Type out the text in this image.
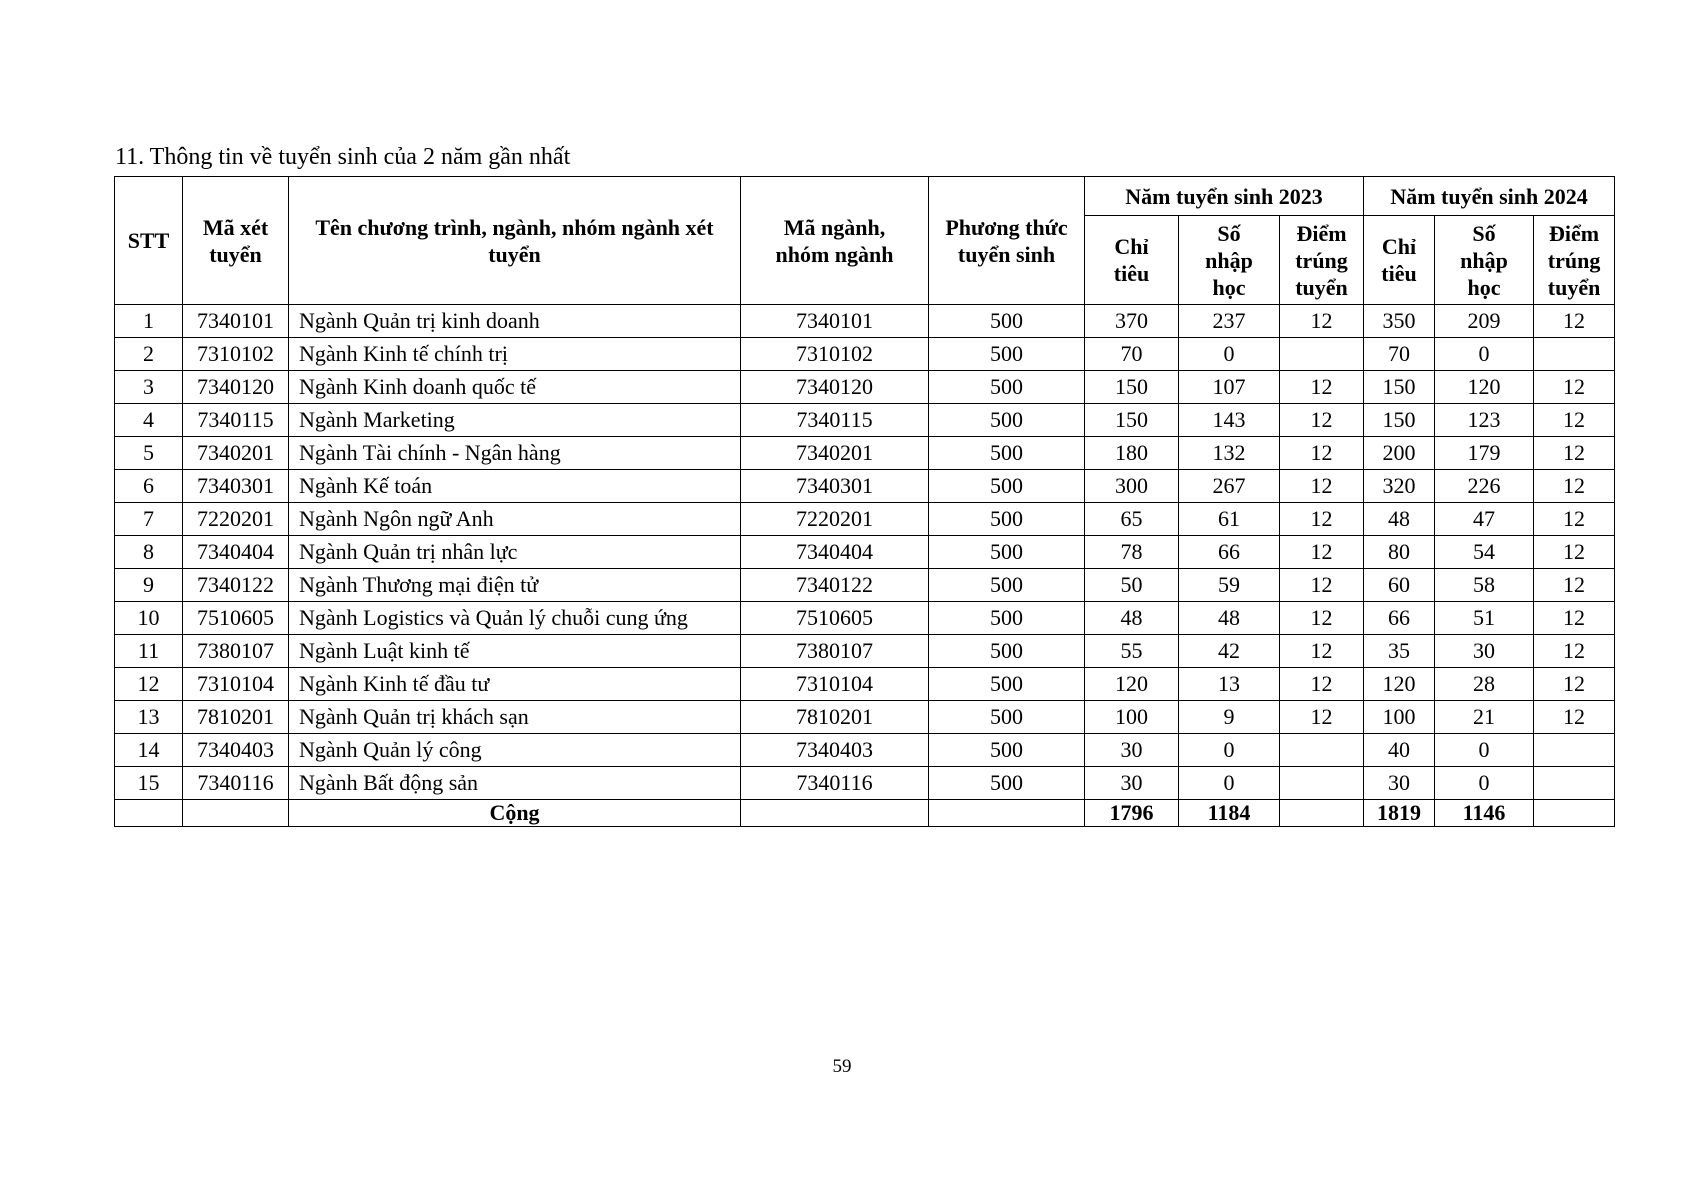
11. Thông tin về tuyển sinh của 2 năm gần nhất
STT	Mã xét tuyển	Tên chương trình, ngành, nhóm ngành xét tuyển	Mã ngành, nhóm ngành	Phương thức tuyển sinh	Năm tuyển sinh 2023			Năm tuyển sinh 2024		
					Chỉ tiêu	Số nhập học	Điểm trúng tuyển	Chỉ tiêu	Số nhập học	Điểm trúng tuyển
1	7340101	Ngành Quản trị kinh doanh	7340101	500	370	237	12	350	209	12
2	7310102	Ngành Kinh tế chính trị	7310102	500	70	0		70	0	
3	7340120	Ngành Kinh doanh quốc tế	7340120	500	150	107	12	150	120	12
4	7340115	Ngành Marketing	7340115	500	150	143	12	150	123	12
5	7340201	Ngành Tài chính - Ngân hàng	7340201	500	180	132	12	200	179	12
6	7340301	Ngành Kế toán	7340301	500	300	267	12	320	226	12
7	7220201	Ngành Ngôn ngữ Anh	7220201	500	65	61	12	48	47	12
8	7340404	Ngành Quản trị nhân lực	7340404	500	78	66	12	80	54	12
9	7340122	Ngành Thương mại điện tử	7340122	500	50	59	12	60	58	12
10	7510605	Ngành Logistics và Quản lý chuỗi cung ứng	7510605	500	48	48	12	66	51	12
11	7380107	Ngành Luật kinh tế	7380107	500	55	42	12	35	30	12
12	7310104	Ngành Kinh tế đầu tư	7310104	500	120	13	12	120	28	12
13	7810201	Ngành Quản trị khách sạn	7810201	500	100	9	12	100	21	12
14	7340403	Ngành Quản lý công	7340403	500	30	0		40	0	
15	7340116	Ngành Bất động sản	7340116	500	30	0		30	0	
		Cộng			1796	1184		1819	1146	
59
